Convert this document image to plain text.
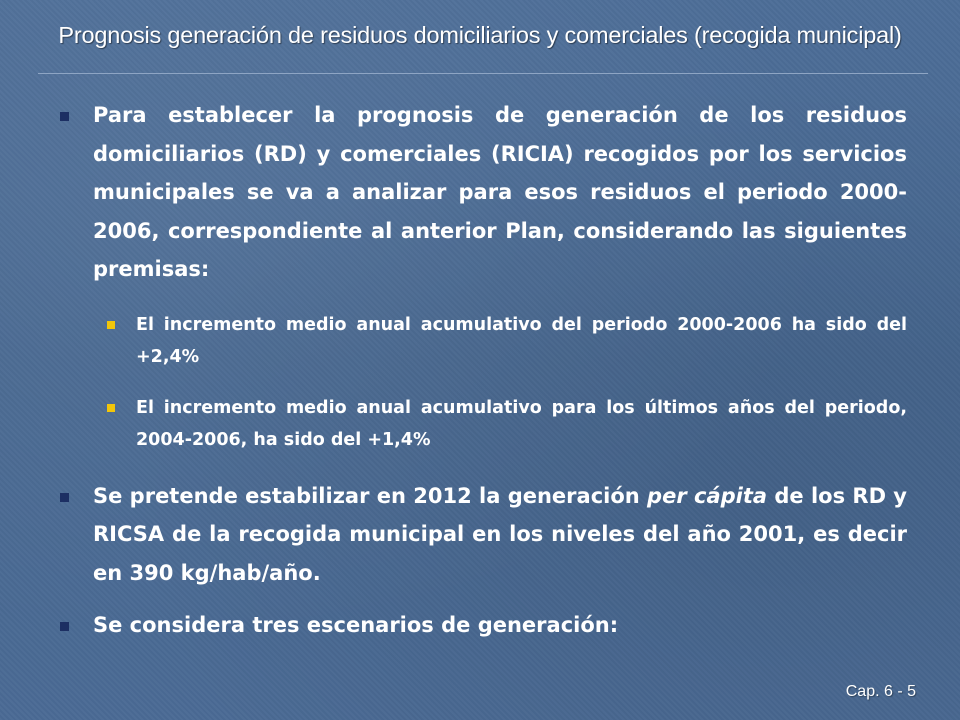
Prognosis generación de residuos domiciliarios y comerciales (recogida municipal)
Para establecer la prognosis de generación de los residuos domiciliarios (RD) y comerciales (RICIA) recogidos por los servicios municipales se va a analizar para esos residuos el periodo 2000-2006, correspondiente al anterior Plan, considerando las siguientes premisas:
El incremento medio anual acumulativo del periodo 2000-2006 ha sido del +2,4%
El incremento medio anual acumulativo para los últimos años del periodo, 2004-2006, ha sido del +1,4%
Se pretende estabilizar en 2012 la generación per cápita de los RD y RICSA de la recogida municipal en los niveles del año 2001, es decir en 390 kg/hab/año.
Se considera tres escenarios de generación:
Cap. 6 - 5
